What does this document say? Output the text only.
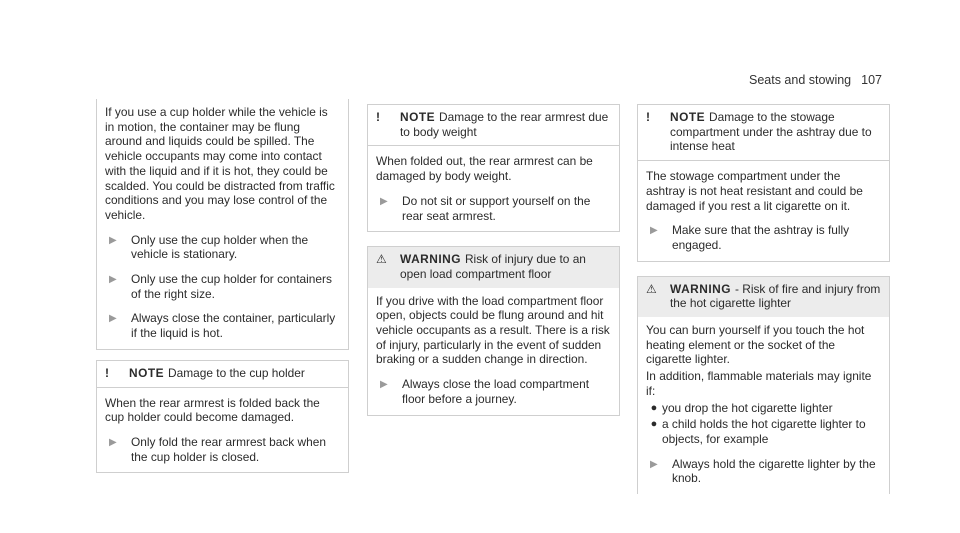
Seats and stowing 107

If you use a cup holder while the vehicle is in motion, the container may be flung around and liquids could be spilled. The vehicle occupants may come into contact with the liquid and if it is hot, they could be scalded. You could be distracted from traffic conditions and you may lose control of the vehicle.

▶	Only use the cup holder when the vehicle is stationary.
▶	Only use the cup holder for containers of the right size.
▶	Always close the container, particularly if the liquid is hot.
!	NOTE Damage to the cup holder

When the rear armrest is folded back the cup holder could become damaged.

▶	Only fold the rear armrest back when the cup holder is closed.
!	NOTE Damage to the rear armrest due to body weight

When folded out, the rear armrest can be damaged by body weight.

▶	Do not sit or support yourself on the rear seat armrest.
⚠	WARNING Risk of injury due to an open load compartment floor

If you drive with the load compartment floor open, objects could be flung around and hit vehicle occupants as a result. There is a risk of injury, particularly in the event of sudden braking or a sudden change in direction.

▶	Always close the load compartment floor before a journey.
!	NOTE Damage to the stowage compartment under the ashtray due to intense heat

The stowage compartment under the ashtray is not heat resistant and could be damaged if you rest a lit cigarette on it.

▶	Make sure that the ashtray is fully engaged.
⚠	WARNING - Risk of fire and injury from the hot cigarette lighter

You can burn yourself if you touch the hot heating element or the socket of the cigarette lighter.

In addition, flammable materials may ignite if:

● you drop the hot cigarette lighter
● a child holds the hot cigarette lighter to objects, for example
▶	Always hold the cigarette lighter by the knob.
